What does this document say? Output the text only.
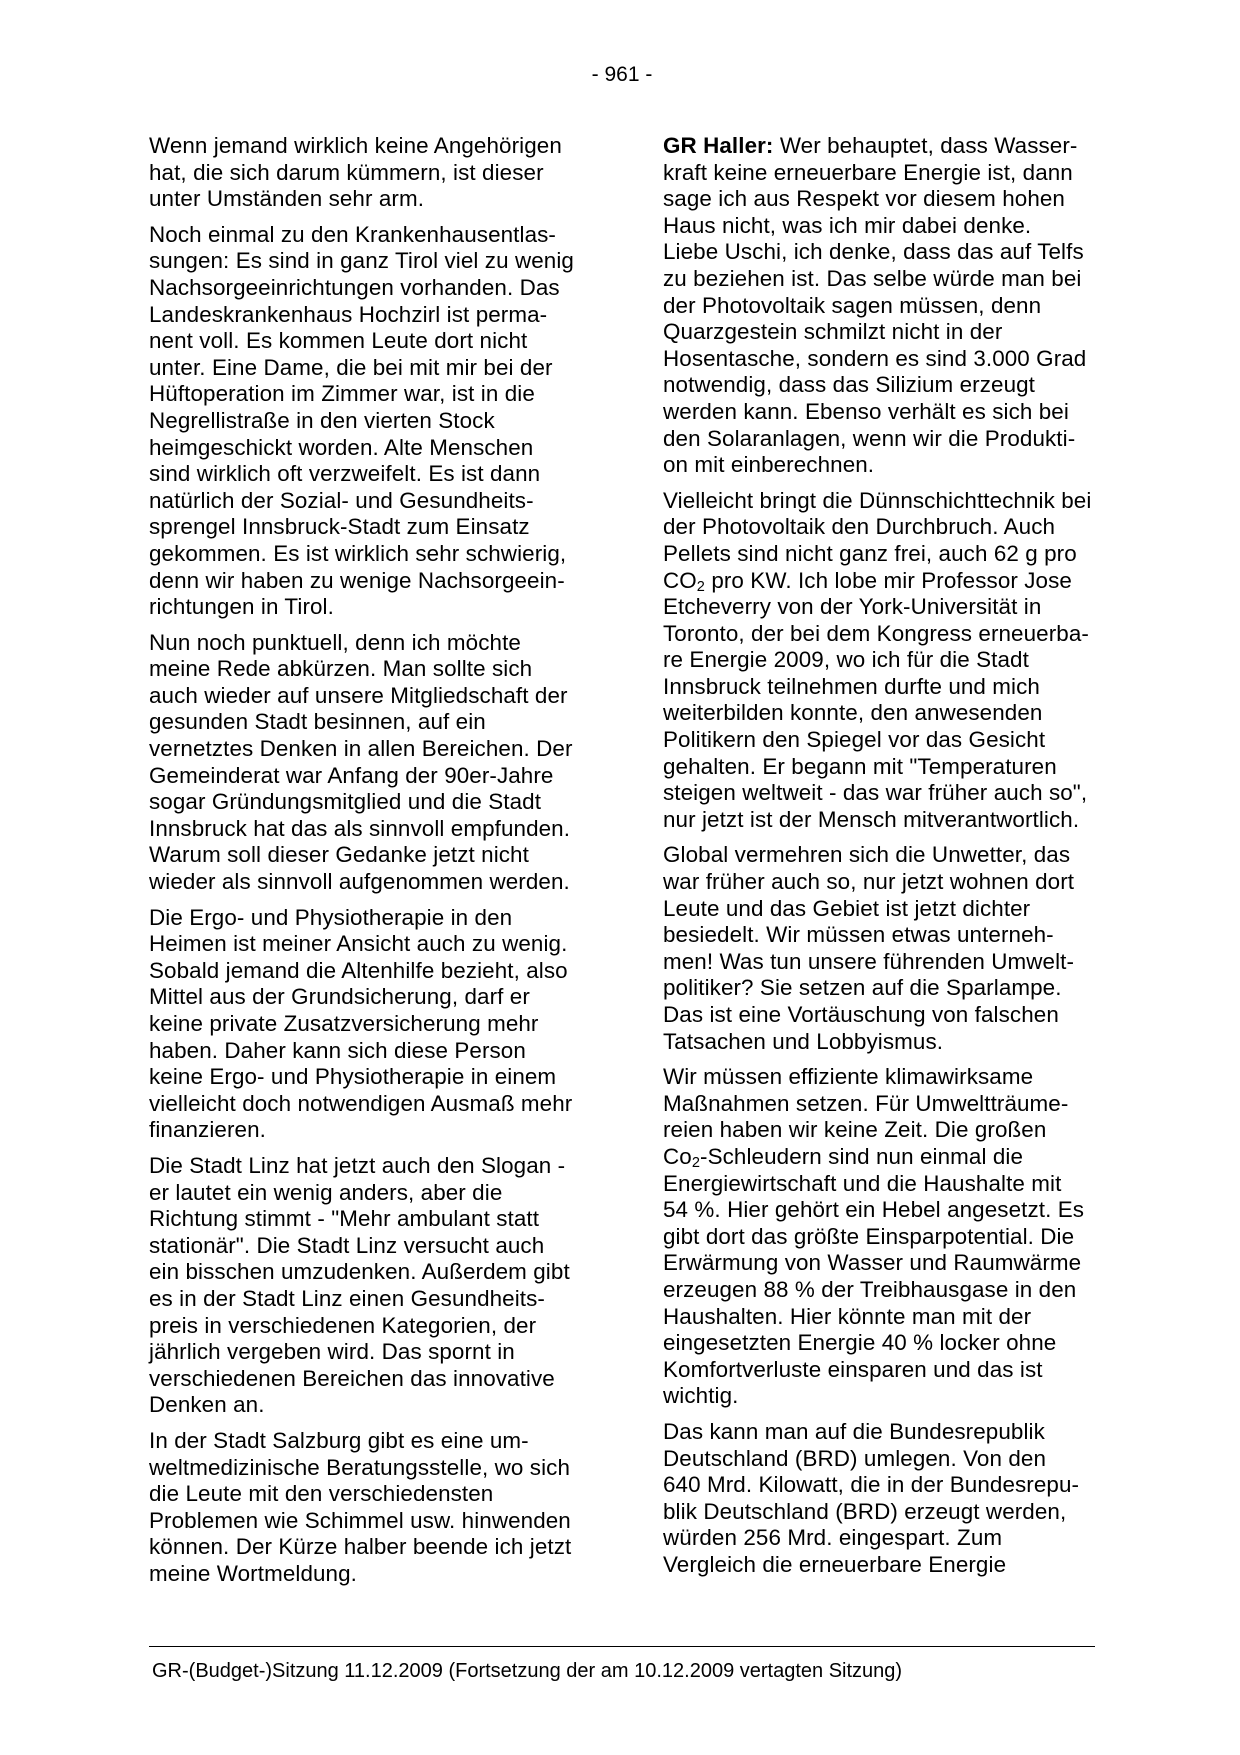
- 961 -

Wenn jemand wirklich keine Angehörigen
hat, die sich darum kümmern, ist dieser
unter Umständen sehr arm.

Noch einmal zu den Krankenhausentlas-
sungen: Es sind in ganz Tirol viel zu wenig
Nachsorgeeinrichtungen vorhanden. Das
Landeskrankenhaus Hochzirl ist perma-
nent voll. Es kommen Leute dort nicht
unter. Eine Dame, die bei mit mir bei der
Hüftoperation im Zimmer war, ist in die
Negrellistraße in den vierten Stock
heimgeschickt worden. Alte Menschen
sind wirklich oft verzweifelt. Es ist dann
natürlich der Sozial- und Gesundheits-
sprengel Innsbruck-Stadt zum Einsatz
gekommen. Es ist wirklich sehr schwierig,
denn wir haben zu wenige Nachsorgeein-
richtungen in Tirol.

Nun noch punktuell, denn ich möchte
meine Rede abkürzen. Man sollte sich
auch wieder auf unsere Mitgliedschaft der
gesunden Stadt besinnen, auf ein
vernetztes Denken in allen Bereichen. Der
Gemeinderat war Anfang der 90er-Jahre
sogar Gründungsmitglied und die Stadt
Innsbruck hat das als sinnvoll empfunden.
Warum soll dieser Gedanke jetzt nicht
wieder als sinnvoll aufgenommen werden.

Die Ergo- und Physiotherapie in den
Heimen ist meiner Ansicht auch zu wenig.
Sobald jemand die Altenhilfe bezieht, also
Mittel aus der Grundsicherung, darf er
keine private Zusatzversicherung mehr
haben. Daher kann sich diese Person
keine Ergo- und Physiotherapie in einem
vielleicht doch notwendigen Ausmaß mehr
finanzieren.

Die Stadt Linz hat jetzt auch den Slogan -
er lautet ein wenig anders, aber die
Richtung stimmt - "Mehr ambulant statt
stationär". Die Stadt Linz versucht auch
ein bisschen umzudenken. Außerdem gibt
es in der Stadt Linz einen Gesundheits-
preis in verschiedenen Kategorien, der
jährlich vergeben wird. Das spornt in
verschiedenen Bereichen das innovative
Denken an.

In der Stadt Salzburg gibt es eine um-
weltmedizinische Beratungsstelle, wo sich
die Leute mit den verschiedensten
Problemen wie Schimmel usw. hinwenden
können. Der Kürze halber beende ich jetzt
meine Wortmeldung.

GR Haller: Wer behauptet, dass Wasser-
kraft keine erneuerbare Energie ist, dann
sage ich aus Respekt vor diesem hohen
Haus nicht, was ich mir dabei denke.
Liebe Uschi, ich denke, dass das auf Telfs
zu beziehen ist. Das selbe würde man bei
der Photovoltaik sagen müssen, denn
Quarzgestein schmilzt nicht in der
Hosentasche, sondern es sind 3.000 Grad
notwendig, dass das Silizium erzeugt
werden kann. Ebenso verhält es sich bei
den Solaranlagen, wenn wir die Produkti-
on mit einberechnen.

Vielleicht bringt die Dünnschichttechnik bei
der Photovoltaik den Durchbruch. Auch
Pellets sind nicht ganz frei, auch 62 g pro
$CO_2$ pro KW. Ich lobe mir Professor Jose
Etcheverry von der York-Universität in
Toronto, der bei dem Kongress erneuerba-
re Energie 2009, wo ich für die Stadt
Innsbruck teilnehmen durfte und mich
weiterbilden konnte, den anwesenden
Politikern den Spiegel vor das Gesicht
gehalten. Er begann mit "Temperaturen
steigen weltweit - das war früher auch so",
nur jetzt ist der Mensch mitverantwortlich.

Global vermehren sich die Unwetter, das
war früher auch so, nur jetzt wohnen dort
Leute und das Gebiet ist jetzt dichter
besiedelt. Wir müssen etwas unterneh-
men! Was tun unsere führenden Umwelt-
politiker? Sie setzen auf die Sparlampe.
Das ist eine Vortäuschung von falschen
Tatsachen und Lobbyismus.

Wir müssen effiziente klimawirksame
Maßnahmen setzen. Für Umweltträume-
reien haben wir keine Zeit. Die großen
$Co_2$-Schleudern sind nun einmal die
Energiewirtschaft und die Haushalte mit
54 %. Hier gehört ein Hebel angesetzt. Es
gibt dort das größte Einsparpotential. Die
Erwärmung von Wasser und Raumwärme
erzeugen 88 % der Treibhausgase in den
Haushalten. Hier könnte man mit der
eingesetzten Energie 40 % locker ohne
Komfortverluste einsparen und das ist
wichtig.

Das kann man auf die Bundesrepublik
Deutschland (BRD) umlegen. Von den
640 Mrd. Kilowatt, die in der Bundesrepu-
blik Deutschland (BRD) erzeugt werden,
würden 256 Mrd. eingespart. Zum
Vergleich die erneuerbare Energie

GR-(Budget-)Sitzung 11.12.2009 (Fortsetzung der am 10.12.2009 vertagten Sitzung)
